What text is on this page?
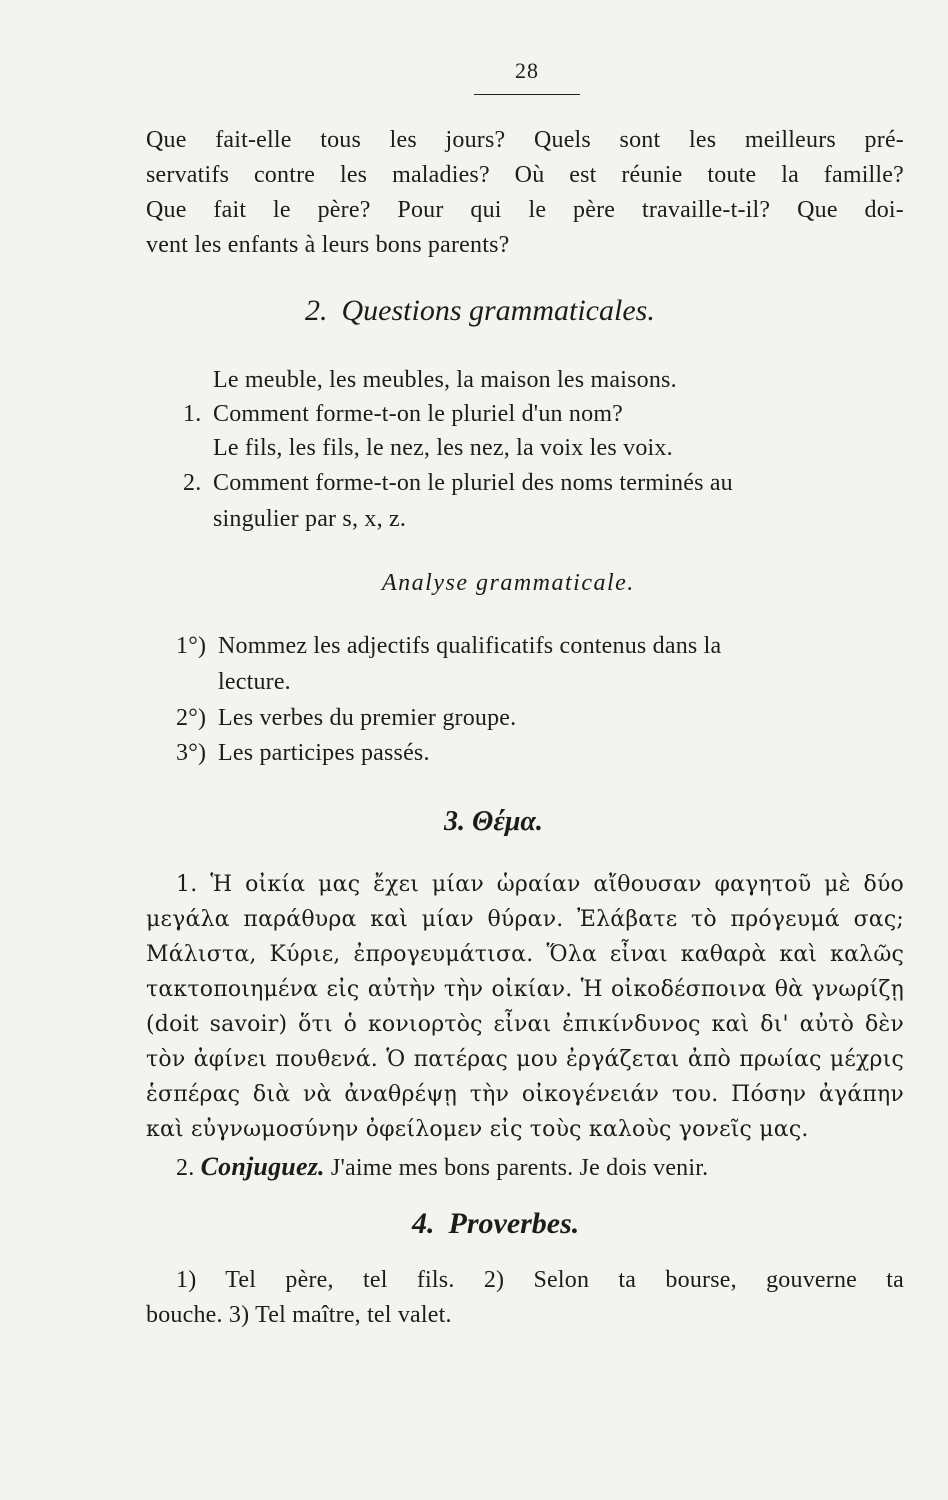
28
Que fait-elle tous les jours? Quels sont les meilleurs pré-
servatifs contre les maladies? Où est réunie toute la famille?
Que fait le père? Pour qui le père travaille-t-il? Que doi-
vent les enfants à leurs bons parents?
2. Questions grammaticales.
Le meuble, les meubles, la maison les maisons.
1. Comment forme-t-on le pluriel d'un nom?
Le fils, les fils, le nez, les nez, la voix les voix.
2. Comment forme-t-on le pluriel des noms terminés au
singulier par s, x, z.
Analyse grammaticale.
1°) Nommez les adjectifs qualificatifs contenus dans la
lecture.
2°) Les verbes du premier groupe.
3°) Les participes passés.
3. Θέμα.
1. Ἡ οἰκία μας ἔχει μίαν ὡραίαν αἴθουσαν φαγητοῦ μὲ δύο
μεγάλα παράθυρα καὶ μίαν θύραν. Ἐλάβατε τὸ πρόγευμά σας;
Μάλιστα, Κύριε, ἐπρογευμάτισα. Ὅλα εἶναι καθαρὰ καὶ καλῶς
τακτοποιημένα εἰς αὐτὴν τὴν οἰκίαν. Ἡ οἰκοδέσποινα θὰ γνωρίζῃ
(doit savoir) ὅτι ὁ κονιορτὸς εἶναι ἐπικίνδυνος καὶ δι' αὐτὸ δὲν
τὸν ἀφίνει πουθενά. Ὁ πατέρας μου ἐργάζεται ἀπὸ πρωίας μέχρις
ἑσπέρας διὰ νὰ ἀναθρέψῃ τὴν οἰκογένειάν του. Πόσην ἀγάπην
καὶ εὐγνωμοσύνην ὀφείλομεν εἰς τοὺς καλοὺς γονεῖς μας.
2. Conjuguez. J'aime mes bons parents. Je dois venir.
4. Proverbes.
1) Tel père, tel fils. 2) Selon ta bourse, gouverne ta
bouche. 3) Tel maître, tel valet.
